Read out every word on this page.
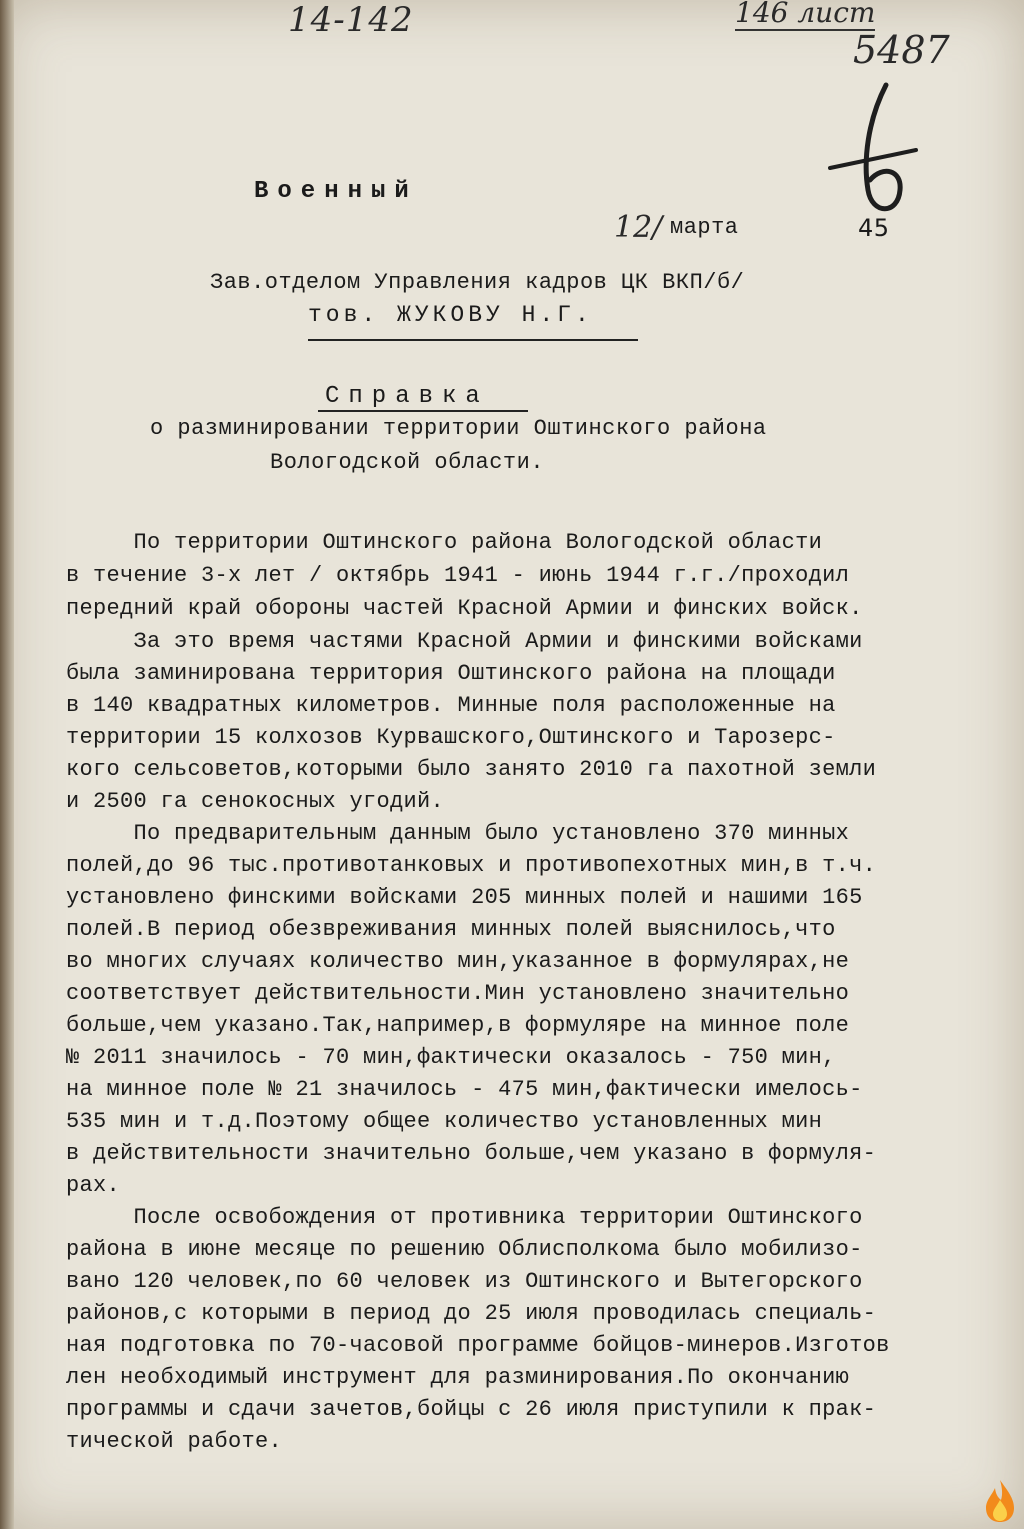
14-142	146 лист
5487
Военный
12/ марта	45
Зав.отделом Управления кадров ЦК ВКП/б/
тов. ЖУКОВУ Н.Г.
Справка
о разминировании территории Оштинского района
Вологодской области.
По территории Оштинского района Вологодской области
в течение 3-х лет / октябрь 1941 - июнь 1944 г.г./проходил
передний край обороны частей Красной Армии и финских войск.
За это время частями Красной Армии и финскими войсками
была заминирована территория Оштинского района на площади
в 140 квадратных километров. Минные поля расположенные на
территории 15 колхозов Курвашского,Оштинского и Тарозерс-
кого сельсоветов,которыми было занято 2010 га пахотной земли
и 2500 га сенокосных угодий.
По предварительным данным было установлено 370 минных
полей,до 96 тыс.противотанковых и противопехотных мин,в т.ч.
установлено финскими войсками 205 минных полей и нашими 165
полей.В период обезвреживания минных полей выяснилось,что
во многих случаях количество мин,указанное в формулярах,не
соответствует действительности.Мин установлено значительно
больше,чем указано.Так,например,в формуляре на минное поле
№ 2011 значилось - 70 мин,фактически оказалось - 750 мин,
на минное поле № 21 значилось - 475 мин,фактически имелось-
535 мин и т.д.Поэтому общее количество установленных мин
в действительности значительно больше,чем указано в формуля-
рах.
После освобождения от противника территории Оштинского
района в июне месяце по решению Облисполкома было мобилизо-
вано 120 человек,по 60 человек из Оштинского и Вытегорского
районов,с которыми в период до 25 июля проводилась специаль-
ная подготовка по 70-часовой программе бойцов-минеров.Изготов
лен необходимый инструмент для разминирования.По окончанию
программы и сдачи зачетов,бойцы с 26 июля приступили к прак-
тической работе.
